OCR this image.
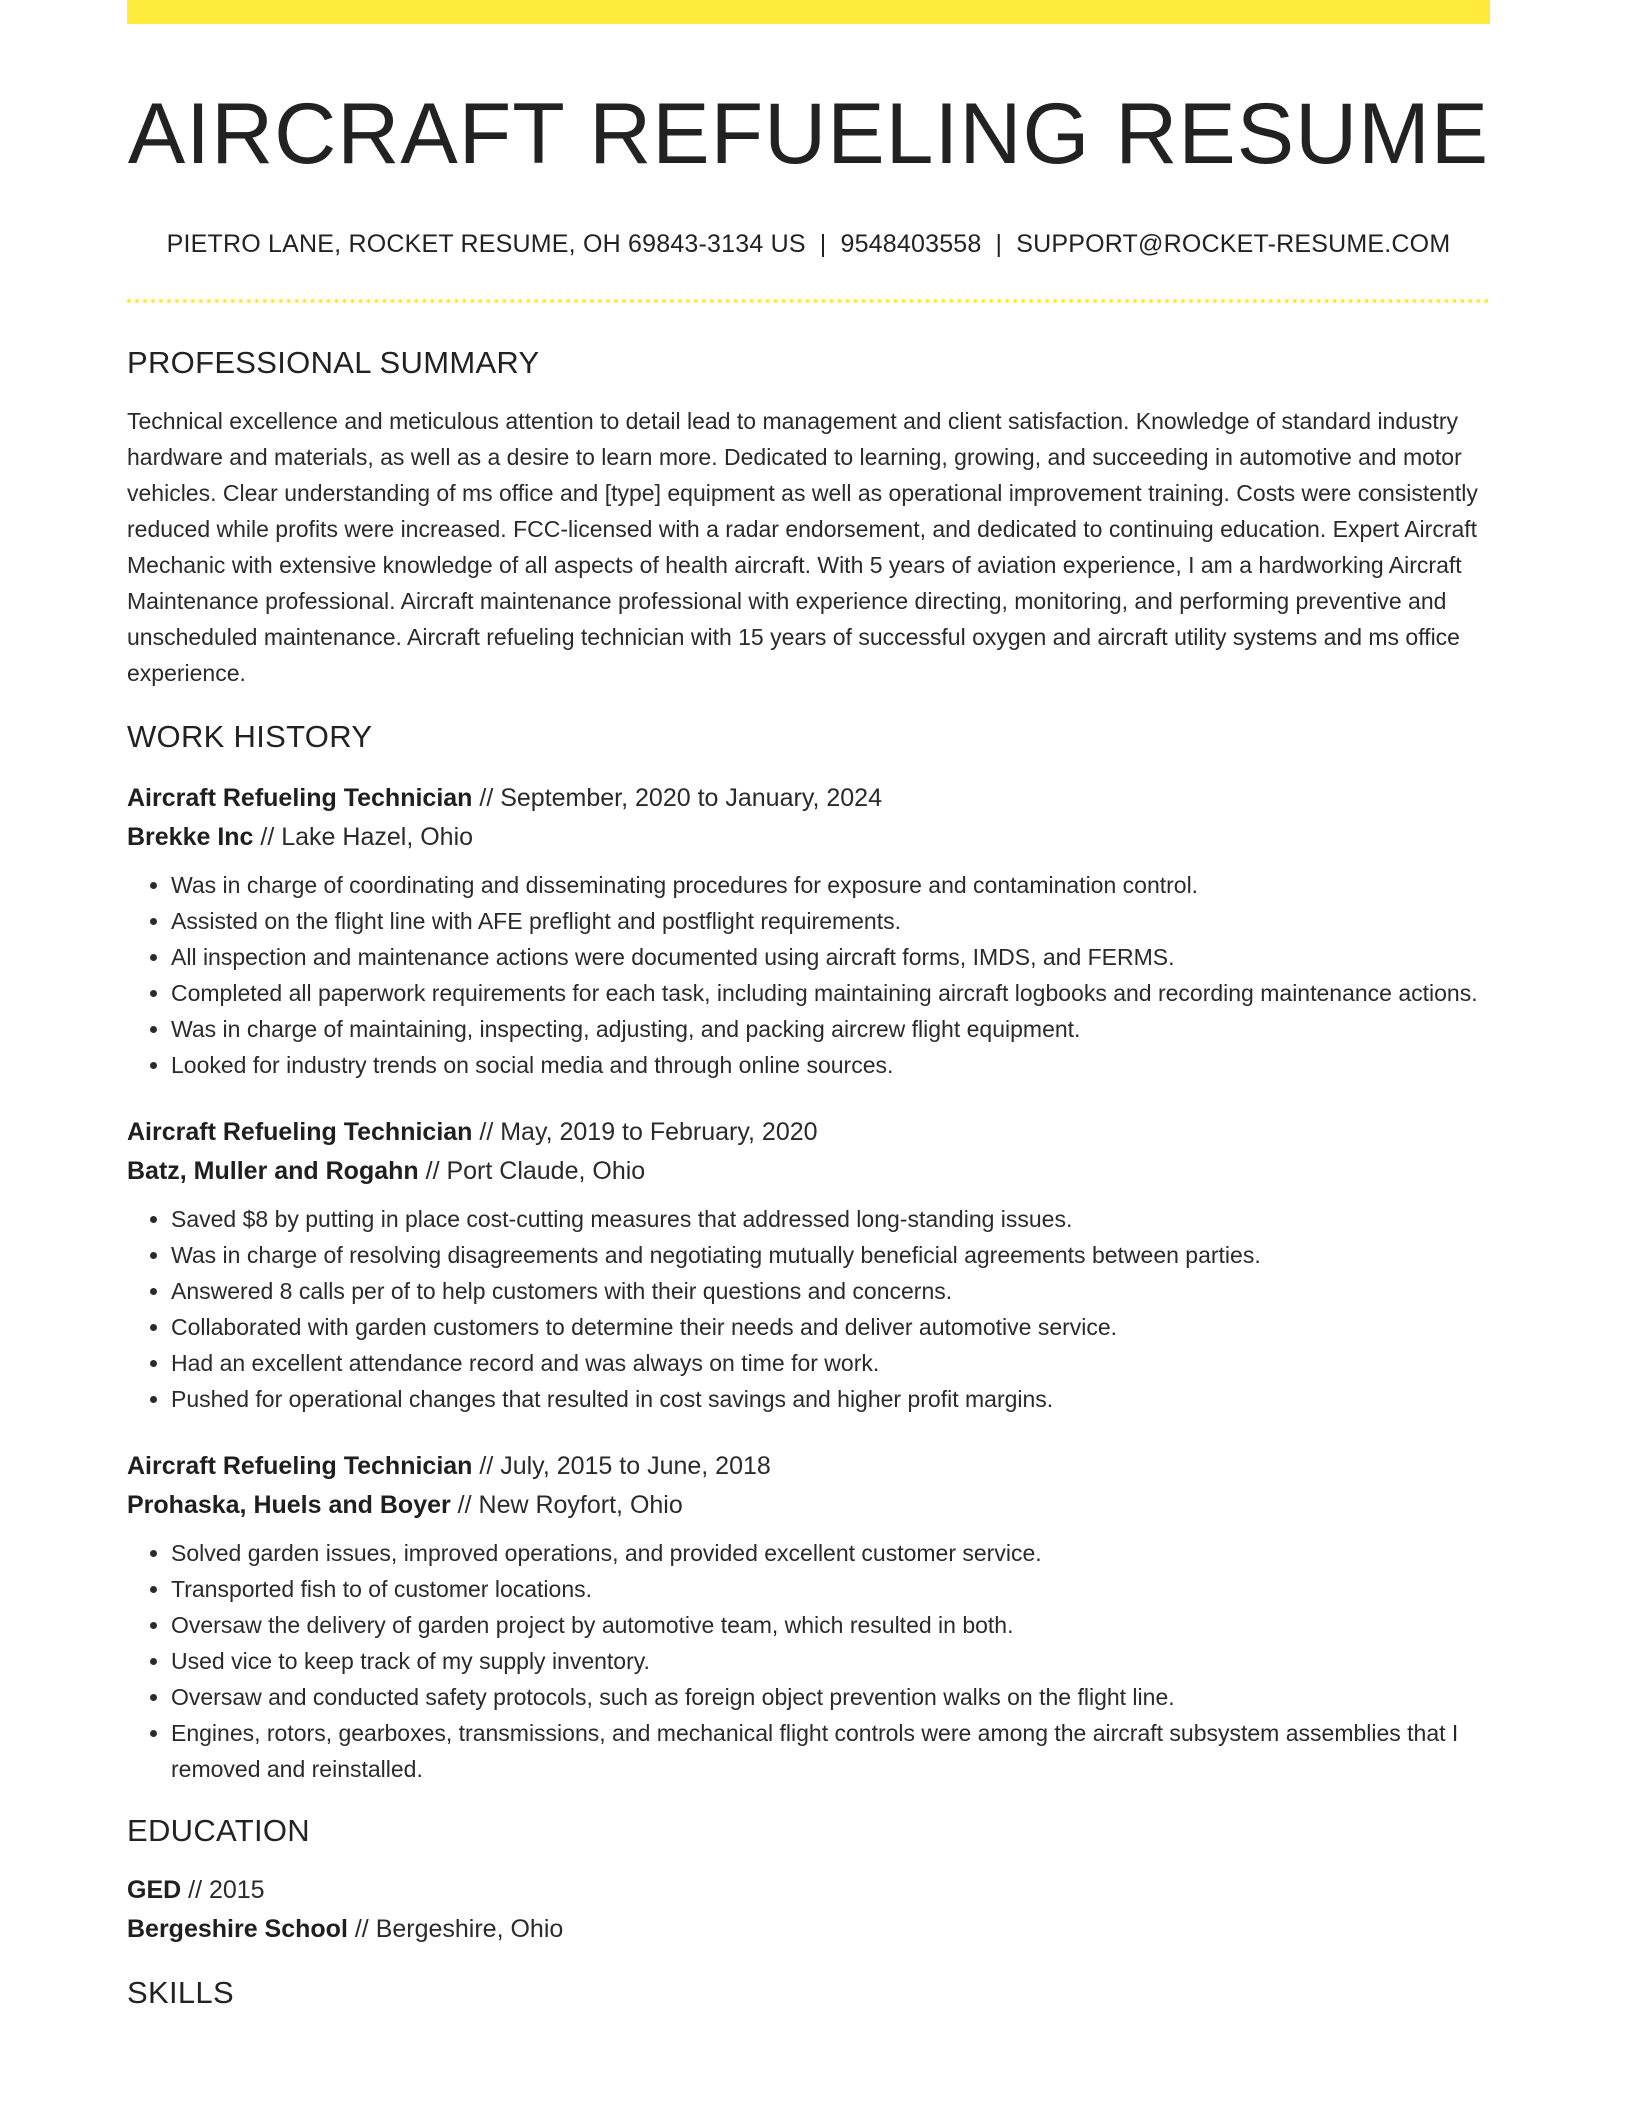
AIRCRAFT REFUELING RESUME
PIETRO LANE, ROCKET RESUME, OH 69843-3134 US | 9548403558 | SUPPORT@ROCKET-RESUME.COM
PROFESSIONAL SUMMARY
Technical excellence and meticulous attention to detail lead to management and client satisfaction. Knowledge of standard industry hardware and materials, as well as a desire to learn more. Dedicated to learning, growing, and succeeding in automotive and motor vehicles. Clear understanding of ms office and [type] equipment as well as operational improvement training. Costs were consistently reduced while profits were increased. FCC-licensed with a radar endorsement, and dedicated to continuing education. Expert Aircraft Mechanic with extensive knowledge of all aspects of health aircraft. With 5 years of aviation experience, I am a hardworking Aircraft Maintenance professional. Aircraft maintenance professional with experience directing, monitoring, and performing preventive and unscheduled maintenance. Aircraft refueling technician with 15 years of successful oxygen and aircraft utility systems and ms office experience.
WORK HISTORY
Aircraft Refueling Technician // September, 2020 to January, 2024
Brekke Inc // Lake Hazel, Ohio
• Was in charge of coordinating and disseminating procedures for exposure and contamination control.
• Assisted on the flight line with AFE preflight and postflight requirements.
• All inspection and maintenance actions were documented using aircraft forms, IMDS, and FERMS.
• Completed all paperwork requirements for each task, including maintaining aircraft logbooks and recording maintenance actions.
• Was in charge of maintaining, inspecting, adjusting, and packing aircrew flight equipment.
• Looked for industry trends on social media and through online sources.
Aircraft Refueling Technician // May, 2019 to February, 2020
Batz, Muller and Rogahn // Port Claude, Ohio
• Saved $8 by putting in place cost-cutting measures that addressed long-standing issues.
• Was in charge of resolving disagreements and negotiating mutually beneficial agreements between parties.
• Answered 8 calls per of to help customers with their questions and concerns.
• Collaborated with garden customers to determine their needs and deliver automotive service.
• Had an excellent attendance record and was always on time for work.
• Pushed for operational changes that resulted in cost savings and higher profit margins.
Aircraft Refueling Technician // July, 2015 to June, 2018
Prohaska, Huels and Boyer // New Royfort, Ohio
• Solved garden issues, improved operations, and provided excellent customer service.
• Transported fish to of customer locations.
• Oversaw the delivery of garden project by automotive team, which resulted in both.
• Used vice to keep track of my supply inventory.
• Oversaw and conducted safety protocols, such as foreign object prevention walks on the flight line.
• Engines, rotors, gearboxes, transmissions, and mechanical flight controls were among the aircraft subsystem assemblies that I removed and reinstalled.
EDUCATION
GED // 2015
Bergeshire School // Bergeshire, Ohio
SKILLS
